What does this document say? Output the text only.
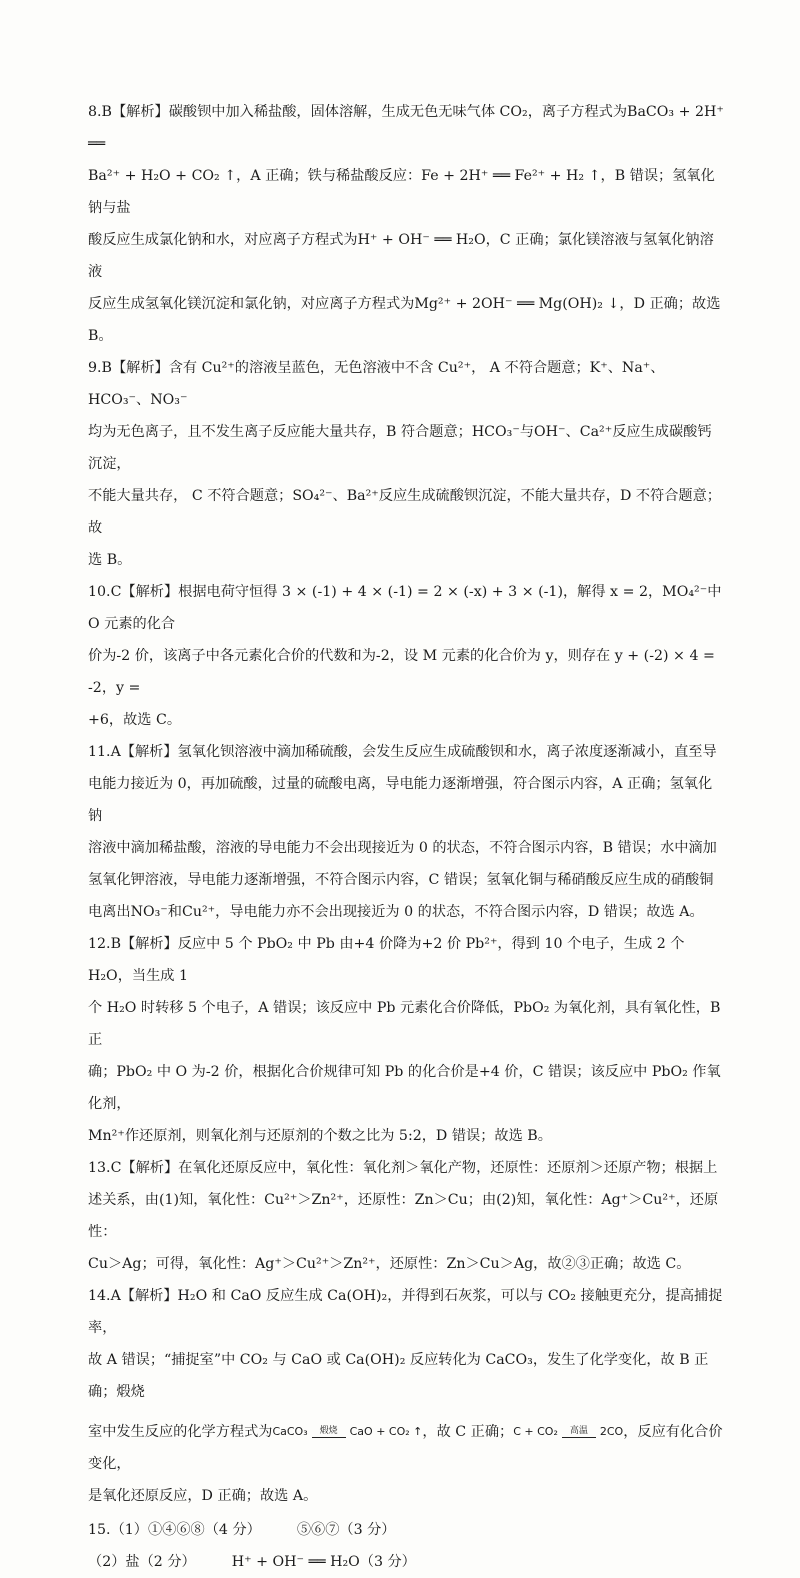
8.B【解析】碳酸钡中加入稀盐酸，固体溶解，生成无色无味气体 CO₂，离子方程式为BaCO₃ + 2H⁺ ══
Ba²⁺ + H₂O + CO₂ ↑，A 正确；铁与稀盐酸反应：Fe + 2H⁺ ══ Fe²⁺ + H₂ ↑，B 错误；氢氧化钠与盐
酸反应生成氯化钠和水，对应离子方程式为H⁺ + OH⁻ ══ H₂O，C 正确；氯化镁溶液与氢氧化钠溶液
反应生成氢氧化镁沉淀和氯化钠，对应离子方程式为Mg²⁺ + 2OH⁻ ══ Mg(OH)₂ ↓，D 正确；故选 B。
9.B【解析】含有 Cu²⁺的溶液呈蓝色，无色溶液中不含 Cu²⁺， A 不符合题意；K⁺、Na⁺、HCO₃⁻、NO₃⁻
均为无色离子，且不发生离子反应能大量共存，B 符合题意；HCO₃⁻与OH⁻、Ca²⁺反应生成碳酸钙沉淀，
不能大量共存， C 不符合题意；SO₄²⁻、Ba²⁺反应生成硫酸钡沉淀，不能大量共存，D 不符合题意；故
选 B。
10.C【解析】根据电荷守恒得 3 × (-1) + 4 × (-1) = 2 × (-x) + 3 × (-1)，解得 x = 2，MO₄²⁻中 O 元素的化合
价为-2 价，该离子中各元素化合价的代数和为-2，设 M 元素的化合价为 y，则存在 y + (-2) × 4 = -2，y =
+6，故选 C。
11.A【解析】氢氧化钡溶液中滴加稀硫酸，会发生反应生成硫酸钡和水，离子浓度逐渐减小，直至导
电能力接近为 0，再加硫酸，过量的硫酸电离，导电能力逐渐增强，符合图示内容，A 正确；氢氧化钠
溶液中滴加稀盐酸，溶液的导电能力不会出现接近为 0 的状态，不符合图示内容，B 错误；水中滴加
氢氧化钾溶液，导电能力逐渐增强，不符合图示内容，C 错误；氢氧化铜与稀硝酸反应生成的硝酸铜
电离出NO₃⁻和Cu²⁺，导电能力亦不会出现接近为 0 的状态，不符合图示内容，D 错误；故选 A。
12.B【解析】反应中 5 个 PbO₂ 中 Pb 由+4 价降为+2 价 Pb²⁺，得到 10 个电子，生成 2 个 H₂O，当生成 1
个 H₂O 时转移 5 个电子，A 错误；该反应中 Pb 元素化合价降低，PbO₂ 为氧化剂，具有氧化性，B 正
确；PbO₂ 中 O 为-2 价，根据化合价规律可知 Pb 的化合价是+4 价，C 错误；该反应中 PbO₂ 作氧化剂，
Mn²⁺作还原剂，则氧化剂与还原剂的个数之比为 5:2，D 错误；故选 B。
13.C【解析】在氧化还原反应中，氧化性：氧化剂＞氧化产物，还原性：还原剂＞还原产物；根据上
述关系，由(1)知，氧化性：Cu²⁺＞Zn²⁺，还原性：Zn＞Cu；由(2)知，氧化性：Ag⁺＞Cu²⁺，还原性：
Cu＞Ag；可得，氧化性：Ag⁺＞Cu²⁺＞Zn²⁺，还原性：Zn＞Cu＞Ag，故②③正确；故选 C。
14.A【解析】H₂O 和 CaO 反应生成 Ca(OH)₂，并得到石灰浆，可以与 CO₂ 接触更充分，提高捕捉率，
故 A 错误；“捕捉室”中 CO₂ 与 CaO 或 Ca(OH)₂ 反应转化为 CaCO₃，发生了化学变化，故 B 正确；煅烧
室中发生反应的化学方程式为 CaCO₃ 煅烧 CaO + CO₂ ↑ ，故 C 正确； C + CO₂ 高温 2CO ，反应有化合价变化，
是氧化还原反应，D 正确；故选 A。
15.（1）①④⑥⑧（4 分）	⑤⑥⑦（3 分）
（2）盐（2 分）	H⁺ + OH⁻ ══ H₂O（3 分）
